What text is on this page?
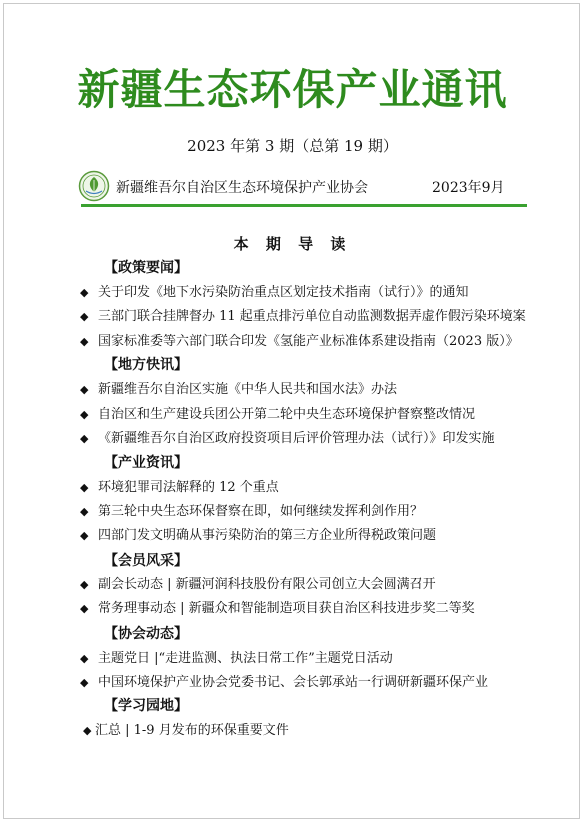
新疆生态环保产业通讯
2023 年第 3 期（总第 19 期）
新疆维吾尔自治区生态环境保护产业协会	2023年9月
本 期 导 读
【政策要闻】
◆ 关于印发《地下水污染防治重点区划定技术指南（试行）》的通知
◆ 三部门联合挂牌督办 11 起重点排污单位自动监测数据弄虚作假污染环境案
◆ 国家标准委等六部门联合印发《氢能产业标准体系建设指南（2023 版）》
【地方快讯】
◆ 新疆维吾尔自治区实施《中华人民共和国水法》办法
◆ 自治区和生产建设兵团公开第二轮中央生态环境保护督察整改情况
◆ 《新疆维吾尔自治区政府投资项目后评价管理办法（试行）》印发实施
【产业资讯】
◆ 环境犯罪司法解释的 12 个重点
◆ 第三轮中央生态环保督察在即，如何继续发挥利剑作用？
◆ 四部门发文明确从事污染防治的第三方企业所得税政策问题
【会员风采】
◆ 副会长动态 | 新疆河润科技股份有限公司创立大会圆满召开
◆ 常务理事动态 | 新疆众和智能制造项目获自治区科技进步奖二等奖
【协会动态】
◆ 主题党日 |“走进监测、执法日常工作”主题党日活动
◆ 中国环境保护产业协会党委书记、会长郭承站一行调研新疆环保产业
【学习园地】
◆ 汇总 | 1-9 月发布的环保重要文件
